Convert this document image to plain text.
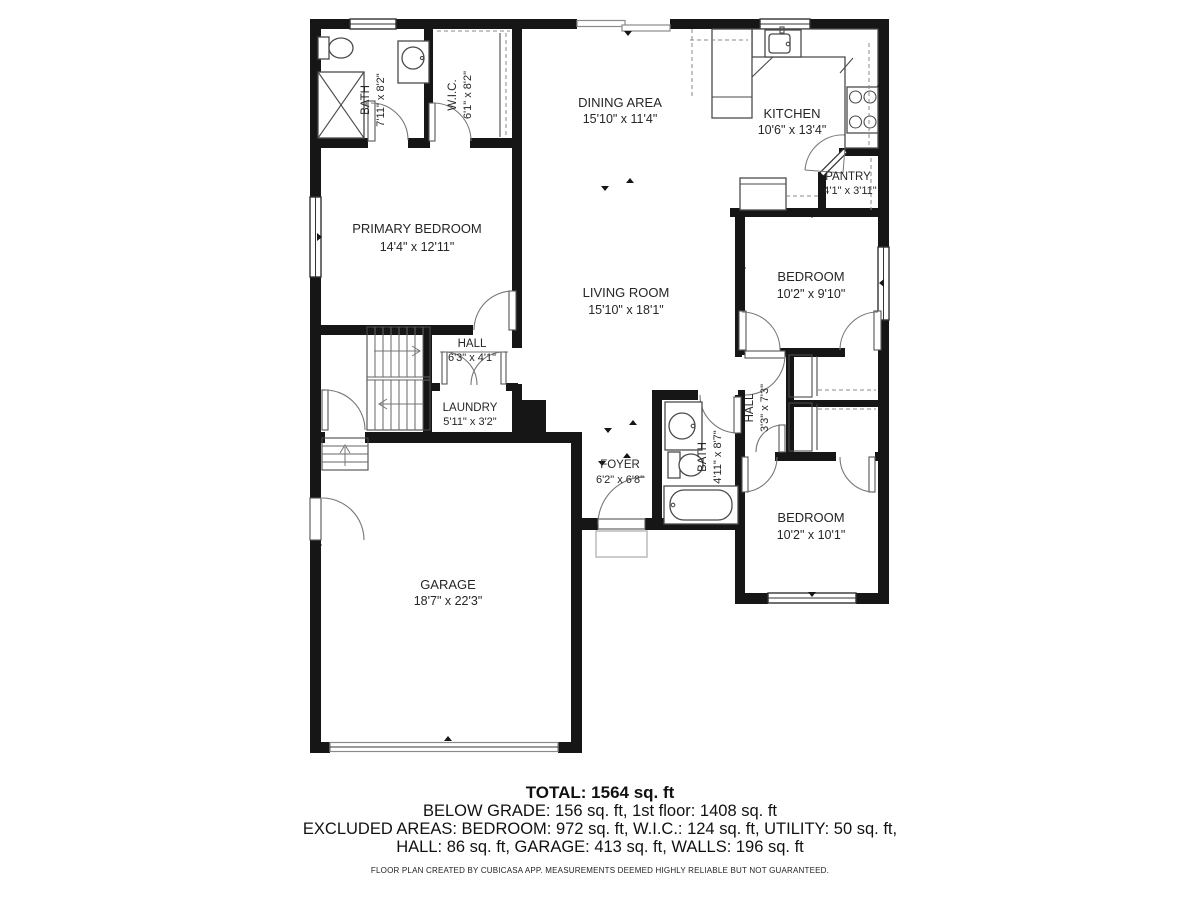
BATH 7'11" x 8'2"	W.I.C. 6'1" x 8'2"	DINING AREA
15'10" x 11'4"	KITCHEN
10'6" x 13'4"
PANTRY
4'1" x 3'11"
PRIMARY BEDROOM
14'4" x 12'11"
LIVING ROOM
15'10" x 18'1"
BEDROOM
10'2" x 9'10"
HALL
6'3" x 4'1"
LAUNDRY
5'11" x 3'2"	HALL 3'3" x 7'3"
BATH 4'11" x 8'7"
FOYER
6'2" x 6'8"
BEDROOM
10'2" x 10'1"
GARAGE
18'7" x 22'3"
TOTAL: 1564 sq. ft
BELOW GRADE: 156 sq. ft, 1st floor: 1408 sq. ft
EXCLUDED AREAS: BEDROOM: 972 sq. ft, W.I.C.: 124 sq. ft, UTILITY: 50 sq. ft,
HALL: 86 sq. ft, GARAGE: 413 sq. ft, WALLS: 196 sq. ft
FLOOR PLAN CREATED BY CUBICASA APP. MEASUREMENTS DEEMED HIGHLY RELIABLE BUT NOT GUARANTEED.
